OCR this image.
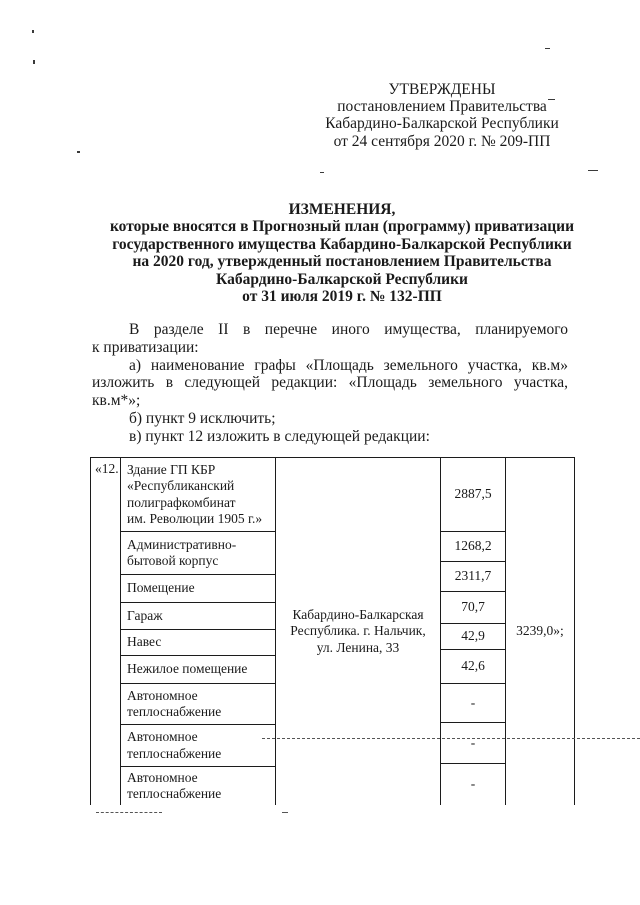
УТВЕРЖДЕНЫ
постановлением Правительства
Кабардино-Балкарской Республики
от 24 сентября 2020 г. № 209-ПП
ИЗМЕНЕНИЯ,
которые вносятся в Прогнозный план (программу) приватизации
государственного имущества Кабардино-Балкарской Республики
на 2020 год, утвержденный постановлением Правительства
Кабардино-Балкарской Республики
от 31 июля 2019 г. № 132-ПП
В разделе II в перечне иного имущества, планируемого
к приватизации:
а) наименование графы «Площадь земельного участка, кв.м»
изложить в следующей редакции: «Площадь земельного участка,
кв.м*»;
б) пункт 9 исключить;
в) пункт 12 изложить в следующей редакции:
«12. Здание ГП КБР
«Республиканский
полиграфкомбинат
им. Революции 1905 г.»
Административно-
бытовой корпус
Помещение
Гараж
Навес
Нежилое помещение
Автономное
теплоснабжение
Автономное
теплоснабжение
Автономное
теплоснабжение
Кабардино-Балкарская
Республика. г. Нальчик,
ул. Ленина, 33
2887,5
1268,2
2311,7
70,7
42,9
42,6
-
-
-
3239,0»;
